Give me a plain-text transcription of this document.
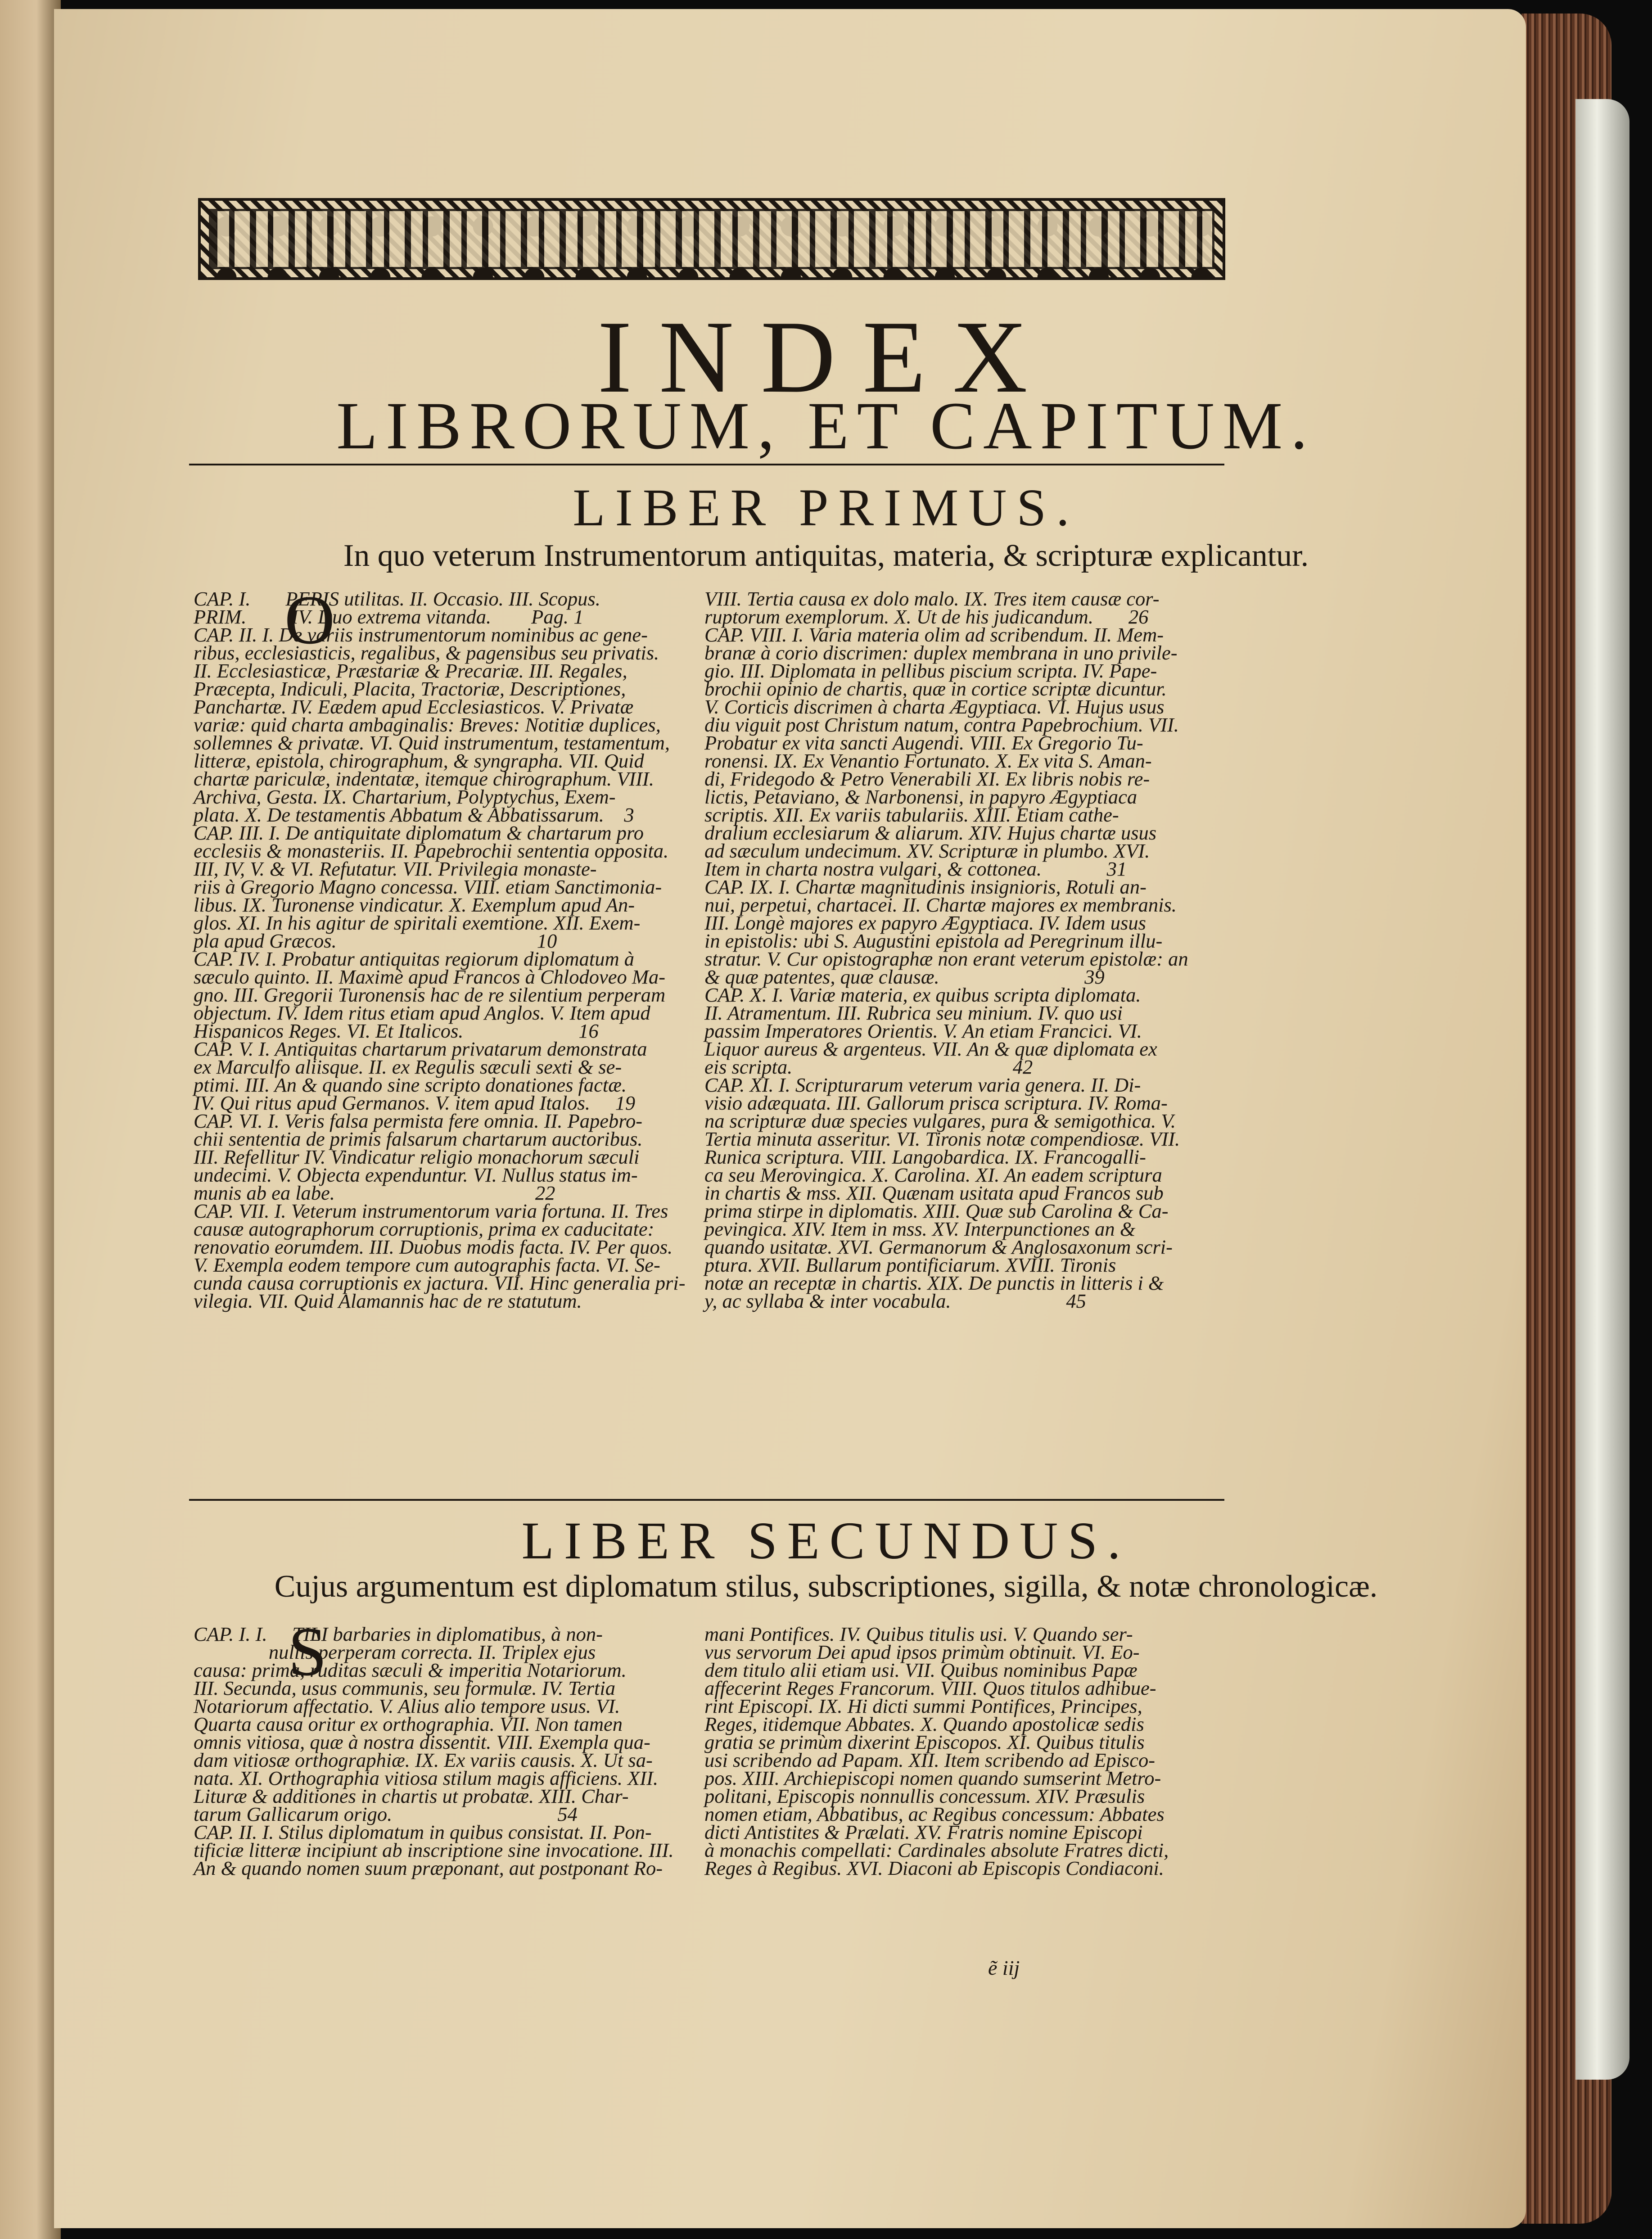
INDEX
LIBRORUM, ET CAPITUM.
LIBER PRIMUS.
In quo veterum Instrumentorum antiquitas, materia, & scripturæ explicantur.
O
CAP. I.       PERIS utilitas. II. Occasio. III. Scopus.
PRIM.         IV. Duo extrema vitanda.        Pag. 1
CAP. II. I. De variis instrumentorum nominibus ac gene-
ribus, ecclesiasticis, regalibus, & pagensibus seu privatis.
II. Ecclesiasticæ, Præstariæ & Precariæ. III. Regales,
Præcepta, Indiculi, Placita, Tractoriæ, Descriptiones,
Panchartæ. IV. Eædem apud Ecclesiasticos. V. Privatæ
variæ: quid charta ambaginalis: Breves: Notitiæ duplices,
sollemnes & privatæ. VI. Quid instrumentum, testamentum,
litteræ, epistola, chirographum, & syngrapha. VII. Quid
chartæ pariculæ, indentatæ, itemque chirographum. VIII.
Archiva, Gesta. IX. Chartarium, Polyptychus, Exem-
plata. X. De testamentis Abbatum & Abbatissarum.    3
CAP. III. I. De antiquitate diplomatum & chartarum pro
ecclesiis & monasteriis. II. Papebrochii sententia opposita.
III, IV, V. & VI. Refutatur. VII. Privilegia monaste-
riis à Gregorio Magno concessa. VIII. etiam Sanctimonia-
libus. IX. Turonense vindicatur. X. Exemplum apud An-
glos. XI. In his agitur de spiritali exemtione. XII. Exem-
pla apud Græcos.                                        10
CAP. IV. I. Probatur antiquitas regiorum diplomatum à
sæculo quinto. II. Maximè apud Francos à Chlodoveo Ma-
gno. III. Gregorii Turonensis hac de re silentium perperam
objectum. IV. Idem ritus etiam apud Anglos. V. Item apud
Hispanicos Reges. VI. Et Italicos.                       16
CAP. V. I. Antiquitas chartarum privatarum demonstrata
ex Marculfo aliisque. II. ex Regulis sæculi sexti & se-
ptimi. III. An & quando sine scripto donationes factæ.
IV. Qui ritus apud Germanos. V. item apud Italos.     19
CAP. VI. I. Veris falsa permista fere omnia. II. Papebro-
chii sententia de primis falsarum chartarum auctoribus.
III. Refellitur IV. Vindicatur religio monachorum sæculi
undecimi. V. Objecta expenduntur. VI. Nullus status im-
munis ab ea labe.                                        22
CAP. VII. I. Veterum instrumentorum varia fortuna. II. Tres
causæ autographorum corruptionis, prima ex caducitate:
renovatio eorumdem. III. Duobus modis facta. IV. Per quos.
V. Exempla eodem tempore cum autographis facta. VI. Se-
cunda causa corruptionis ex jactura. VII. Hinc generalia pri-
vilegia. VII. Quid Alamannis hac de re statutum.
VIII. Tertia causa ex dolo malo. IX. Tres item causæ cor-
ruptorum exemplorum. X. Ut de his judicandum.       26
CAP. VIII. I. Varia materia olim ad scribendum. II. Mem-
branæ à corio discrimen: duplex membrana in uno privile-
gio. III. Diplomata in pellibus piscium scripta. IV. Pape-
brochii opinio de chartis, quæ in cortice scriptæ dicuntur.
V. Corticis discrimen à charta Ægyptiaca. VI. Hujus usus
diu viguit post Christum natum, contra Papebrochium. VII.
Probatur ex vita sancti Augendi. VIII. Ex Gregorio Tu-
ronensi. IX. Ex Venantio Fortunato. X. Ex vita S. Aman-
di, Fridegodo & Petro Venerabili XI. Ex libris nobis re-
lictis, Petaviano, & Narbonensi, in papyro Ægyptiaca
scriptis. XII. Ex variis tabulariis. XIII. Etiam cathe-
dralium ecclesiarum & aliarum. XIV. Hujus chartæ usus
ad sæculum undecimum. XV. Scripturæ in plumbo. XVI.
Item in charta nostra vulgari, & cottonea.             31
CAP. IX. I. Chartæ magnitudinis insignioris, Rotuli an-
nui, perpetui, chartacei. II. Chartæ majores ex membranis.
III. Longè majores ex papyro Ægyptiaca. IV. Idem usus
in epistolis: ubi S. Augustini epistola ad Peregrinum illu-
stratur. V. Cur opistographæ non erant veterum epistolæ: an
& quæ patentes, quæ clausæ.                             39
CAP. X. I. Variæ materia, ex quibus scripta diplomata.
II. Atramentum. III. Rubrica seu minium. IV. quo usi
passim Imperatores Orientis. V. An etiam Francici. VI.
Liquor aureus & argenteus. VII. An & quæ diplomata ex
eis scripta.                                            42
CAP. XI. I. Scripturarum veterum varia genera. II. Di-
visio adæquata. III. Gallorum prisca scriptura. IV. Roma-
na scripturæ duæ species vulgares, pura & semigothica. V.
Tertia minuta asseritur. VI. Tironis notæ compendiosæ. VII.
Runica scriptura. VIII. Langobardica. IX. Francogalli-
ca seu Merovingica. X. Carolina. XI. An eadem scriptura
in chartis & mss. XII. Quænam usitata apud Francos sub
prima stirpe in diplomatis. XIII. Quæ sub Carolina & Ca-
pevingica. XIV. Item in mss. XV. Interpunctiones an &
quando usitatæ. XVI. Germanorum & Anglosaxonum scri-
ptura. XVII. Bullarum pontificiarum. XVIII. Tironis
notæ an receptæ in chartis. XIX. De punctis in litteris i &
y, ac syllaba & inter vocabula.                       45
LIBER SECUNDUS.
Cujus argumentum est diplomatum stilus, subscriptiones, sigilla, & notæ chronologicæ.
S
CAP. I. I.     TILI barbaries in diplomatibus, à non-
nullis perperam correcta. II. Triplex ejus
causa: prima, ruditas sæculi & imperitia Notariorum.
III. Secunda, usus communis, seu formulæ. IV. Tertia
Notariorum affectatio. V. Alius alio tempore usus. VI.
Quarta causa oritur ex orthographia. VII. Non tamen
omnis vitiosa, quæ à nostra dissentit. VIII. Exempla qua-
dam vitiosæ orthographiæ. IX. Ex variis causis. X. Ut sa-
nata. XI. Orthographia vitiosa stilum magis afficiens. XII.
Lituræ & additiones in chartis ut probatæ. XIII. Char-
tarum Gallicarum origo.                                 54
CAP. II. I. Stilus diplomatum in quibus consistat. II. Pon-
tificiæ litteræ incipiunt ab inscriptione sine invocatione. III.
An & quando nomen suum præponant, aut postponant Ro-
mani Pontifices. IV. Quibus titulis usi. V. Quando ser-
vus servorum Dei apud ipsos primùm obtinuit. VI. Eo-
dem titulo alii etiam usi. VII. Quibus nominibus Papæ
affecerint Reges Francorum. VIII. Quos titulos adhibue-
rint Episcopi. IX. Hi dicti summi Pontifices, Principes,
Reges, itidemque Abbates. X. Quando apostolicæ sedis
gratia se primùm dixerint Episcopos. XI. Quibus titulis
usi scribendo ad Papam. XII. Item scribendo ad Episco-
pos. XIII. Archiepiscopi nomen quando sumserint Metro-
politani, Episcopis nonnullis concessum. XIV. Præsulis
nomen etiam, Abbatibus, ac Regibus concessum: Abbates
dicti Antistites & Prælati. XV. Fratris nomine Episcopi
à monachis compellati: Cardinales absolute Fratres dicti,
Reges à Regibus. XVI. Diaconi ab Episcopis Condiaconi.
ẽ iij
